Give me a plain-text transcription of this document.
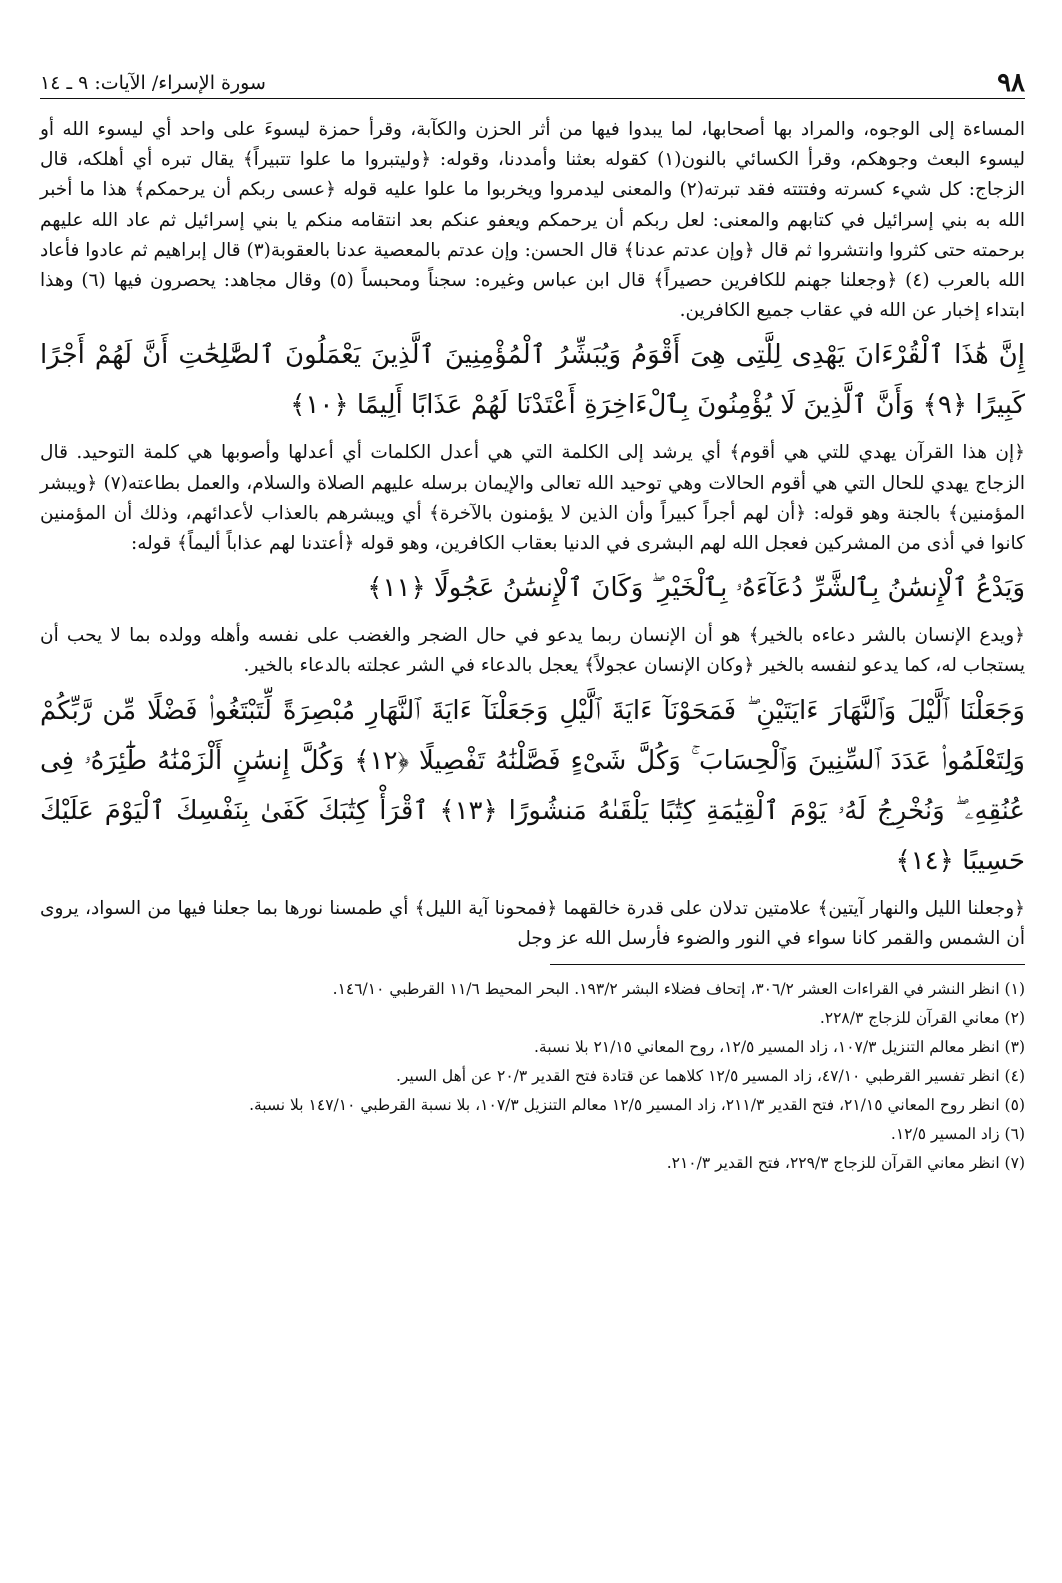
٩٨
سورة الإسراء/ الآيات: ٩ ـ ١٤

المساءة إلى الوجوه، والمراد بها أصحابها، لما يبدوا فيها من أثر الحزن والكآبة، وقرأ حمزة ليسوءَ على واحد أي ليسوء الله أو ليسوء البعث وجوهكم، وقرأ الكسائي بالنون(١) كقوله بعثنا وأمددنا، وقوله: ﴿وليتبروا ما علوا تتبيراً﴾ يقال تبره أي أهلكه، قال الزجاج: كل شيء كسرته وفتتته فقد تبرته(٢) والمعنى ليدمروا ويخربوا ما علوا عليه قوله ﴿عسى ربكم أن يرحمكم﴾ هذا ما أخبر الله به بني إسرائيل في كتابهم والمعنى: لعل ربكم أن يرحمكم ويعفو عنكم بعد انتقامه منكم يا بني إسرائيل ثم عاد الله عليهم برحمته حتى كثروا وانتشروا ثم قال ﴿وإن عدتم عدنا﴾ قال الحسن: وإن عدتم بالمعصية عدنا بالعقوبة(٣) قال إبراهيم ثم عادوا فأعاد الله بالعرب (٤) ﴿وجعلنا جهنم للكافرين حصيراً﴾ قال ابن عباس وغيره: سجناً ومحبساً (٥) وقال مجاهد: يحصرون فيها (٦) وهذا ابتداء إخبار عن الله في عقاب جميع الكافرين.

إِنَّ هَٰذَا ٱلْقُرْءَانَ يَهْدِى لِلَّتِى هِىَ أَقْوَمُ وَيُبَشِّرُ ٱلْمُؤْمِنِينَ ٱلَّذِينَ يَعْمَلُونَ ٱلصَّٰلِحَٰتِ أَنَّ لَهُمْ أَجْرًا كَبِيرًا ﴿٩﴾ وَأَنَّ ٱلَّذِينَ لَا يُؤْمِنُونَ بِٱلْءَاخِرَةِ أَعْتَدْنَا لَهُمْ عَذَابًا أَلِيمًا ﴿١٠﴾

﴿إن هذا القرآن يهدي للتي هي أقوم﴾ أي يرشد إلى الكلمة التي هي أعدل الكلمات أي أعدلها وأصوبها هي كلمة التوحيد. قال الزجاج يهدي للحال التي هي أقوم الحالات وهي توحيد الله تعالى والإيمان برسله عليهم الصلاة والسلام، والعمل بطاعته(٧) ﴿ويبشر المؤمنين﴾ بالجنة وهو قوله: ﴿أن لهم أجراً كبيراً وأن الذين لا يؤمنون بالآخرة﴾ أي ويبشرهم بالعذاب لأعدائهم، وذلك أن المؤمنين كانوا في أذى من المشركين فعجل الله لهم البشرى في الدنيا بعقاب الكافرين، وهو قوله ﴿أعتدنا لهم عذاباً أليماً﴾ قوله:

وَيَدْعُ ٱلْإِنسَٰنُ بِٱلشَّرِّ دُعَآءَهُۥ بِٱلْخَيْرِ ۖ وَكَانَ ٱلْإِنسَٰنُ عَجُولًا ﴿١١﴾

﴿ويدع الإنسان بالشر دعاءه بالخير﴾ هو أن الإنسان ربما يدعو في حال الضجر والغضب على نفسه وأهله وولده بما لا يحب أن يستجاب له، كما يدعو لنفسه بالخير ﴿وكان الإنسان عجولاً﴾ يعجل بالدعاء في الشر عجلته بالدعاء بالخير.

وَجَعَلْنَا ٱلَّيْلَ وَٱلنَّهَارَ ءَايَتَيْنِ ۖ فَمَحَوْنَآ ءَايَةَ ٱلَّيْلِ وَجَعَلْنَآ ءَايَةَ ٱلنَّهَارِ مُبْصِرَةً لِّتَبْتَغُوا۟ فَضْلًا مِّن رَّبِّكُمْ وَلِتَعْلَمُوا۟ عَدَدَ ٱلسِّنِينَ وَٱلْحِسَابَ ۚ وَكُلَّ شَىْءٍ فَصَّلْنَٰهُ تَفْصِيلًا ﴿١٢﴾ وَكُلَّ إِنسَٰنٍ أَلْزَمْنَٰهُ طَٰٓئِرَهُۥ فِى عُنُقِهِۦ ۖ وَنُخْرِجُ لَهُۥ يَوْمَ ٱلْقِيَٰمَةِ كِتَٰبًا يَلْقَىٰهُ مَنشُورًا ﴿١٣﴾ ٱقْرَأْ كِتَٰبَكَ كَفَىٰ بِنَفْسِكَ ٱلْيَوْمَ عَلَيْكَ حَسِيبًا ﴿١٤﴾

﴿وجعلنا الليل والنهار آيتين﴾ علامتين تدلان على قدرة خالقهما ﴿فمحونا آية الليل﴾ أي طمسنا نورها بما جعلنا فيها من السواد، يروى أن الشمس والقمر كانا سواء في النور والضوء فأرسل الله عز وجل

(١) انظر النشر في القراءات العشر ٣٠٦/٢، إتحاف فضلاء البشر ١٩٣/٢. البحر المحيط ١١/٦ القرطبي ١٤٦/١٠.

(٢) معاني القرآن للزجاج ٢٢٨/٣.

(٣) انظر معالم التنزيل ١٠٧/٣، زاد المسير ١٢/٥، روح المعاني ٢١/١٥ بلا نسبة.

(٤) انظر تفسير القرطبي ٤٧/١٠، زاد المسير ١٢/٥ كلاهما عن قتادة فتح القدير ٢٠/٣ عن أهل السير.

(٥) انظر روح المعاني ٢١/١٥، فتح القدير ٢١١/٣، زاد المسير ١٢/٥ معالم التنزيل ١٠٧/٣، بلا نسبة القرطبي ١٤٧/١٠ بلا نسبة.

(٦) زاد المسير ١٢/٥.

(٧) انظر معاني القرآن للزجاج ٢٢٩/٣، فتح القدير ٢١٠/٣.
